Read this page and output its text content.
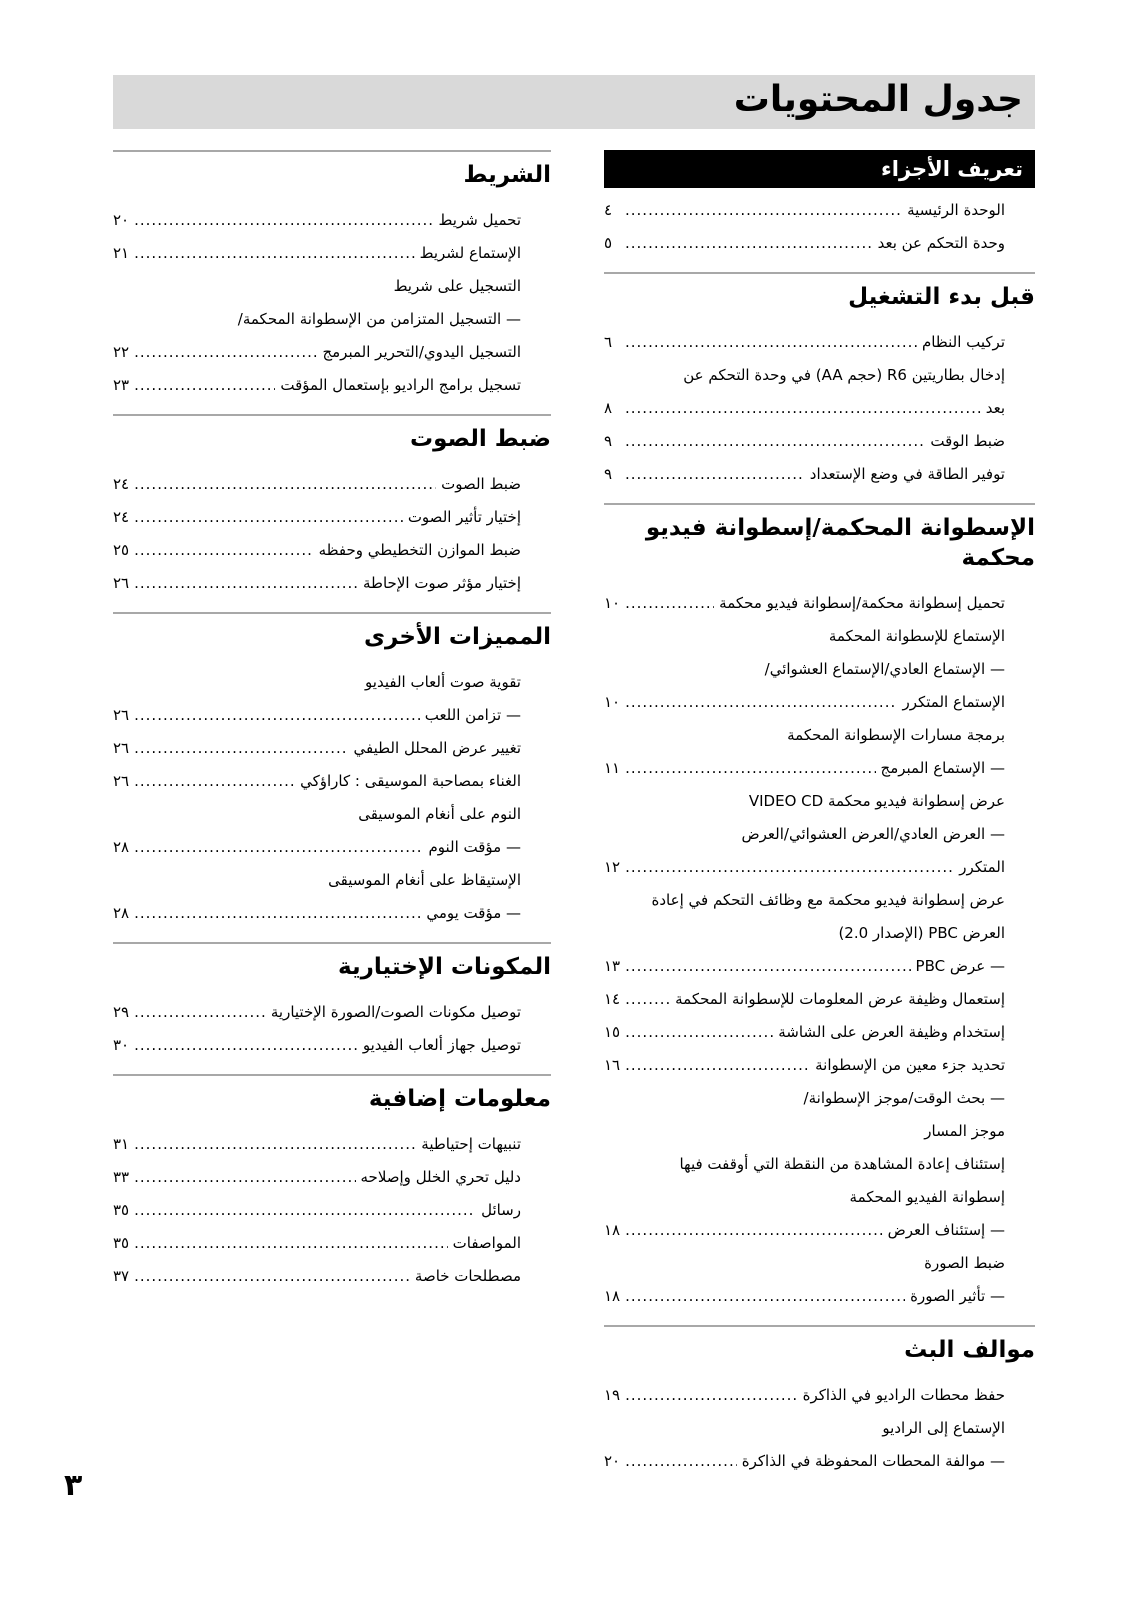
جدول المحتويات
تعريف الأجزاء
الوحدة الرئيسية
.....
٤
وحدة التحكم عن بعد
.....
٥
قبل بدء التشغيل
تركيب النظام
.....
٦
إدخال بطاريتين R6 (حجم AA) في وحدة التحكم عن
بعد
.....
٨
ضبط الوقت
.....
٩
توفير الطاقة في وضع الإستعداد
.....
٩
الإسطوانة المحكمة/إسطوانة فيديو محكمة
تحميل إسطوانة محكمة/إسطوانة فيديو محكمة
.....
١٠
الإستماع للإسطوانة المحكمة
— الإستماع العادي/الإستماع العشوائي/
الإستماع المتكرر
.....
١٠
برمجة مسارات الإسطوانة المحكمة
— الإستماع المبرمج
.....
١١
عرض إسطوانة فيديو محكمة VIDEO CD
— العرض العادي/العرض العشوائي/العرض
المتكرر
.....
١٢
عرض إسطوانة فيديو محكمة مع وظائف التحكم في إعادة
العرض PBC (الإصدار 2.0)
— عرض PBC
.....
١٣
إستعمال وظيفة عرض المعلومات للإسطوانة المحكمة
.....
١٤
إستخدام وظيفة العرض على الشاشة
.....
١٥
تحديد جزء معين من الإسطوانة
.....
١٦
— بحث الوقت/موجز الإسطوانة/
موجز المسار
إستئناف إعادة المشاهدة من النقطة التي أوقفت فيها
إسطوانة الفيديو المحكمة
— إستئناف العرض
.....
١٨
ضبط الصورة
— تأثير الصورة
.....
١٨
موالف البث
حفظ محطات الراديو في الذاكرة
.....
١٩
الإستماع إلى الراديو
— موالفة المحطات المحفوظة في الذاكرة
.....
٢٠
الشريط
تحميل شريط
.....
٢٠
الإستماع لشريط
.....
٢١
التسجيل على شريط
— التسجيل المتزامن من الإسطوانة المحكمة/
التسجيل اليدوي/التحرير المبرمج
.....
٢٢
تسجيل برامج الراديو بإستعمال المؤقت
.....
٢٣
ضبط الصوت
ضبط الصوت
.....
٢٤
إختيار تأثير الصوت
.....
٢٤
ضبط الموازن التخطيطي وحفظه
.....
٢٥
إختيار مؤثر صوت الإحاطة
.....
٢٦
المميزات الأخرى
تقوية صوت ألعاب الفيديو
— تزامن اللعب
.....
٢٦
تغيير عرض المحلل الطيفي
.....
٢٦
الغناء بمصاحبة الموسيقى : كاراؤكي
.....
٢٦
النوم على أنغام الموسيقى
— مؤقت النوم
.....
٢٨
الإستيقاظ على أنغام الموسيقى
— مؤقت يومي
.....
٢٨
المكونات الإختيارية
توصيل مكونات الصوت/الصورة الإختيارية
.....
٢٩
توصيل جهاز ألعاب الفيديو
.....
٣٠
معلومات إضافية
تنبيهات إحتياطية
.....
٣١
دليل تحري الخلل وإصلاحه
.....
٣٣
رسائل
.....
٣٥
المواصفات
.....
٣٥
مصطلحات خاصة
.....
٣٧
٣
